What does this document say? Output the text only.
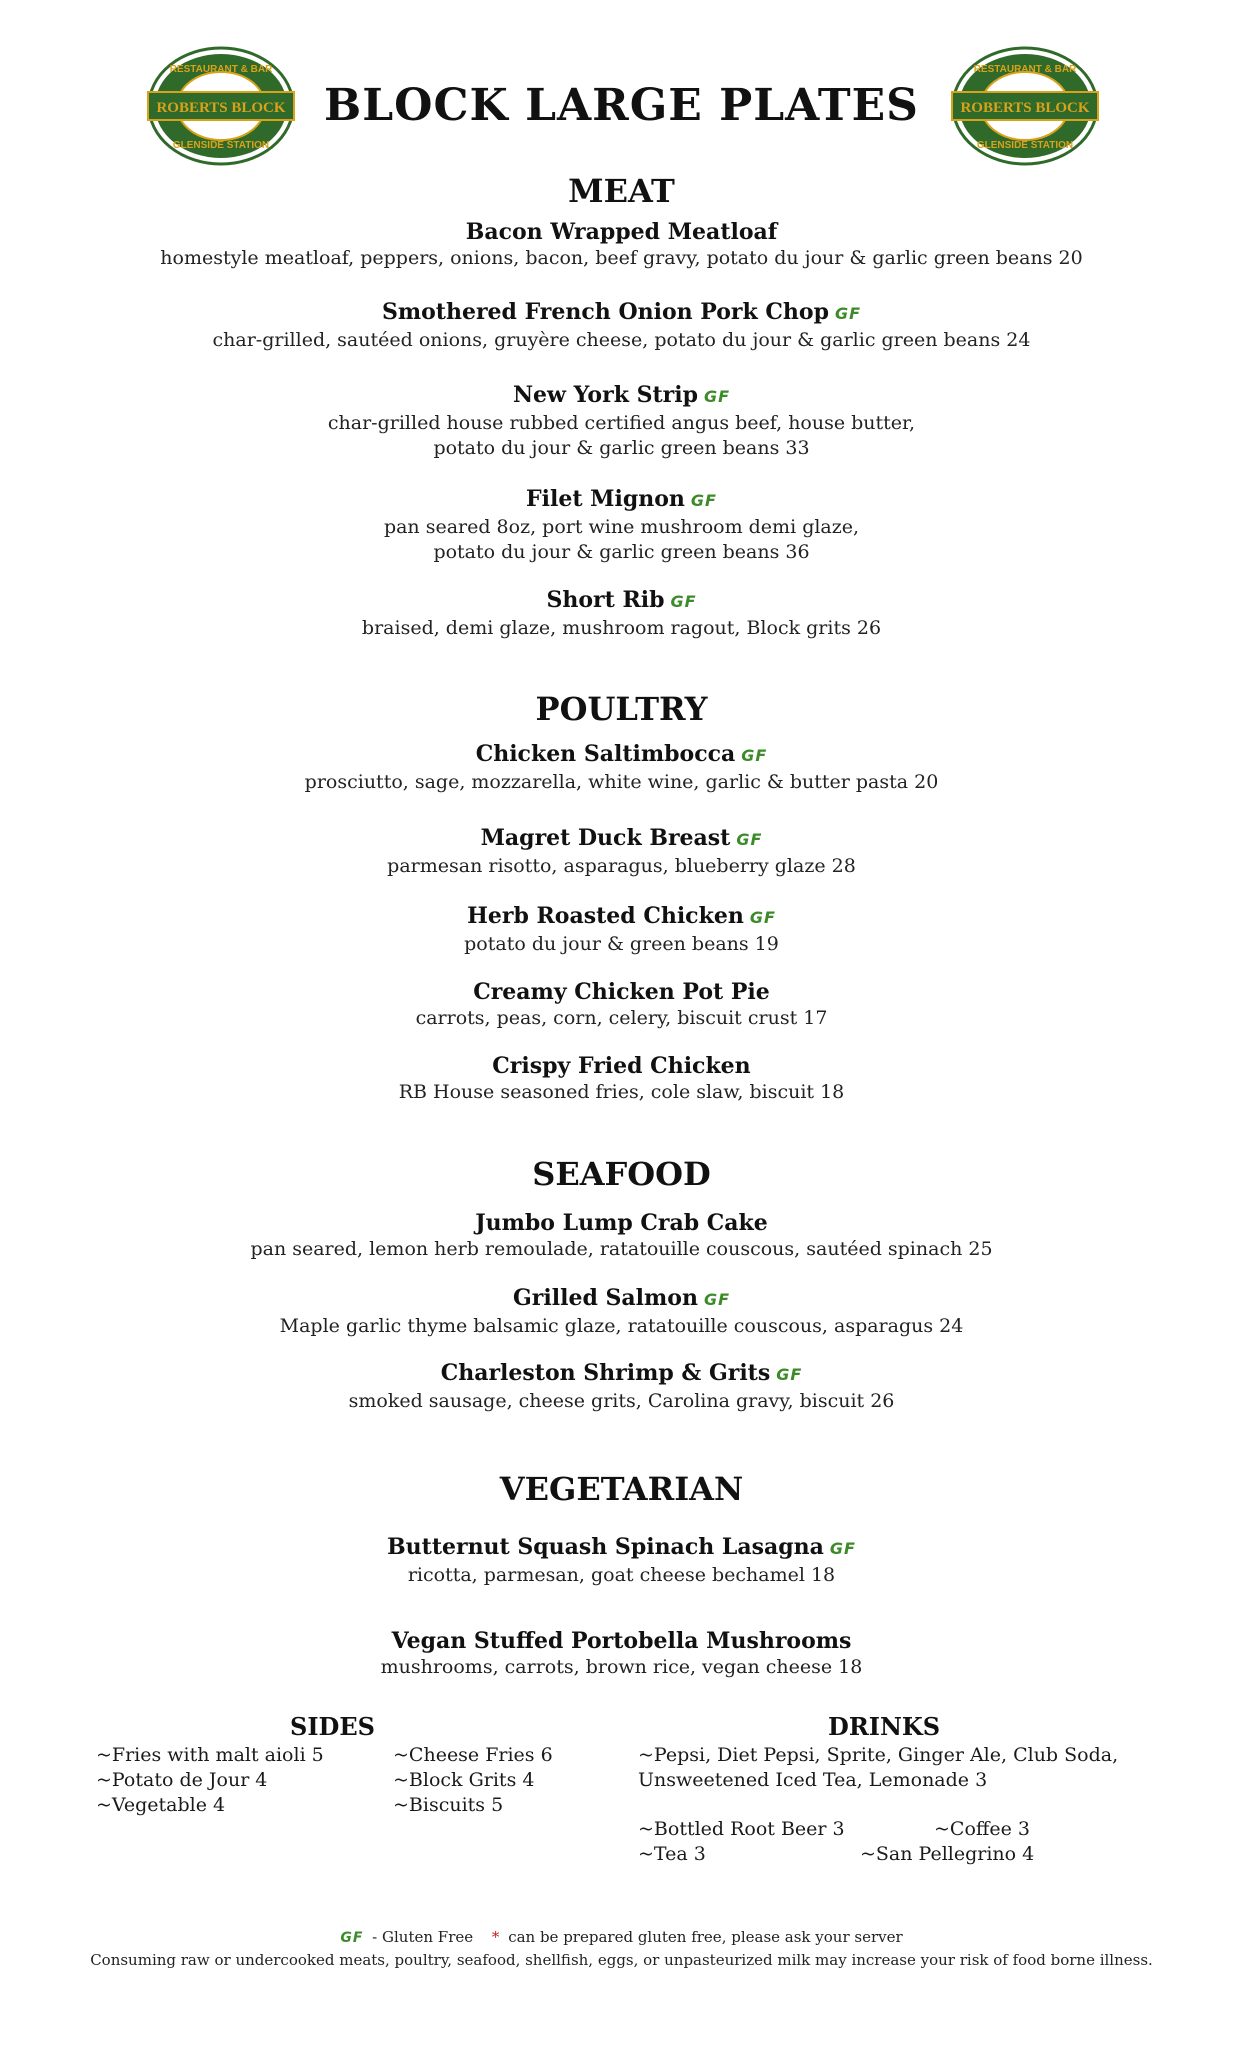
RESTAURANT & BAR
ROBERTS BLOCK
GLENSIDE STATION
RESTAURANT & BAR
ROBERTS BLOCK
GLENSIDE STATION
BLOCK LARGE PLATES
MEAT
Bacon Wrapped Meatloaf
homestyle meatloaf, peppers, onions, bacon, beef gravy, potato du jour & garlic green beans 20
Smothered French Onion Pork Chop GF
char-grilled, sautéed onions, gruyère cheese, potato du jour & garlic green beans 24
New York Strip GF
char-grilled house rubbed certified angus beef, house butter,
potato du jour & garlic green beans 33
Filet Mignon GF
pan seared 8oz, port wine mushroom demi glaze,
potato du jour & garlic green beans 36
Short Rib GF
braised, demi glaze, mushroom ragout, Block grits 26
POULTRY
Chicken Saltimbocca GF
prosciutto, sage, mozzarella, white wine, garlic & butter pasta 20
Magret Duck Breast GF
parmesan risotto, asparagus, blueberry glaze 28
Herb Roasted Chicken GF
potato du jour & green beans 19
Creamy Chicken Pot Pie
carrots, peas, corn, celery, biscuit crust 17
Crispy Fried Chicken
RB House seasoned fries, cole slaw, biscuit 18
SEAFOOD
Jumbo Lump Crab Cake
pan seared, lemon herb remoulade, ratatouille couscous, sautéed spinach 25
Grilled Salmon GF
Maple garlic thyme balsamic glaze, ratatouille couscous, asparagus 24
Charleston Shrimp & Grits GF
smoked sausage, cheese grits, Carolina gravy, biscuit 26
VEGETARIAN
Butternut Squash Spinach Lasagna GF
ricotta, parmesan, goat cheese bechamel 18
Vegan Stuffed Portobella Mushrooms
mushrooms, carrots, brown rice, vegan cheese 18
SIDES
~Fries with malt aioli 5
~Potato de Jour 4
~Vegetable 4
~Cheese Fries 6
~Block Grits 4
~Biscuits 5
DRINKS
~Pepsi, Diet Pepsi, Sprite, Ginger Ale, Club Soda,
Unsweetened Iced Tea, Lemonade 3
~Bottled Root Beer 3
~Tea 3
~Coffee 3
~San Pellegrino 4
GF - Gluten Free * can be prepared gluten free, please ask your server
Consuming raw or undercooked meats, poultry, seafood, shellfish, eggs, or unpasteurized milk may increase your risk of food borne illness.
